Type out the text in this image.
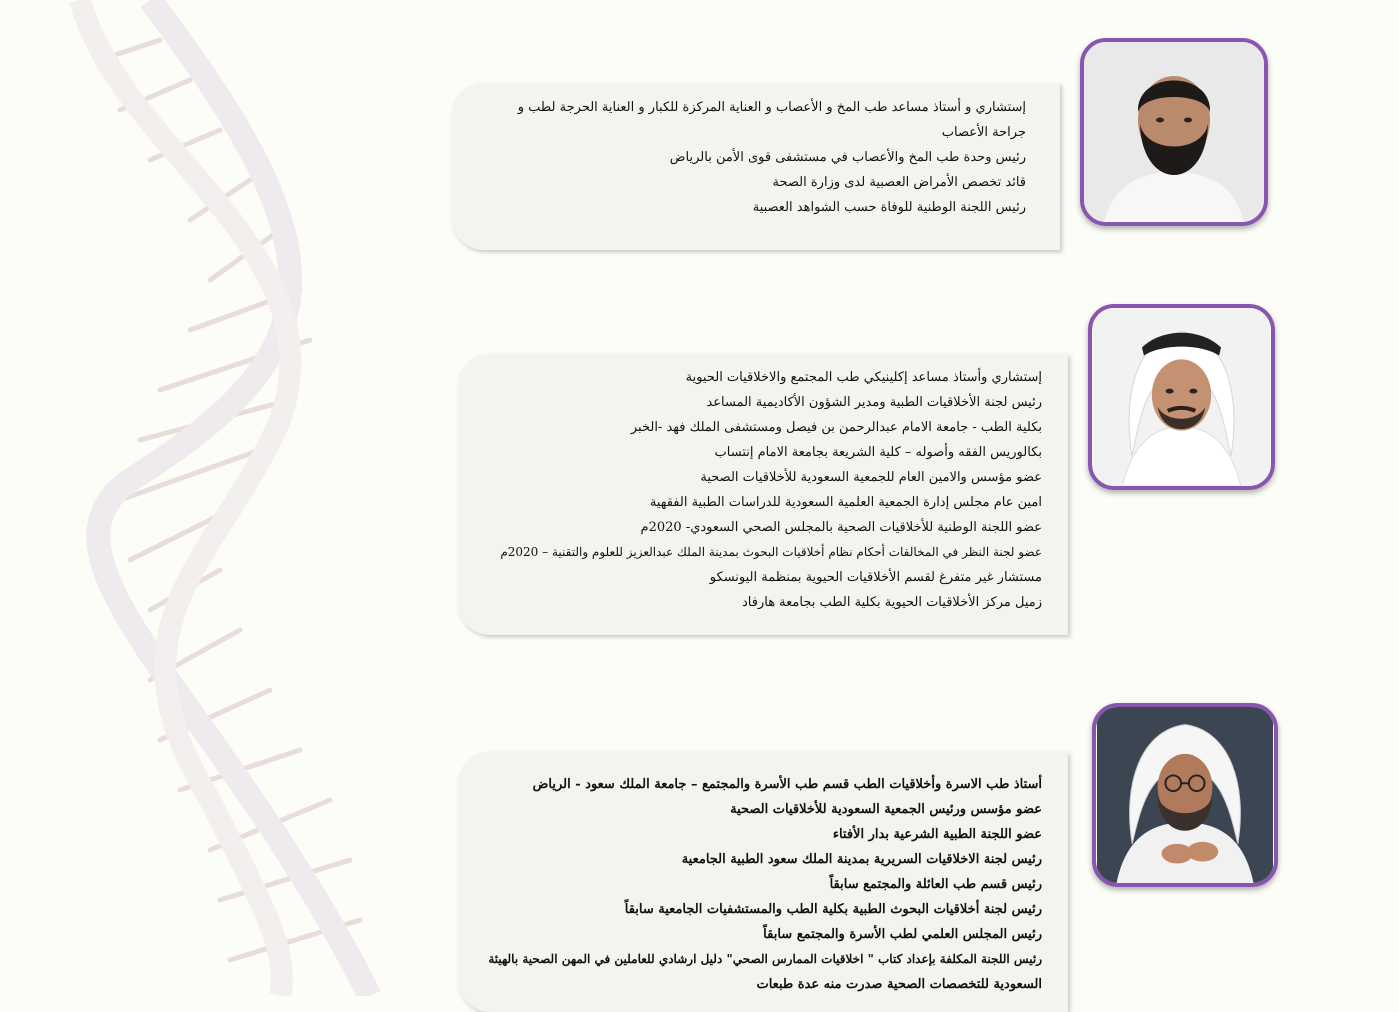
إستشاري و أستاذ مساعد طب المخ و الأعصاب و العناية المركزة للكبار و العناية الحرجة لطب و
جراحة الأعصاب
رئيس وحدة طب المخ والأعصاب في مستشفى قوى الأمن بالرياض
قائد تخصص الأمراض العصبية لدى وزارة الصحة
رئيس اللجنة الوطنية للوفاة حسب الشواهد العصبية
إستشاري وأستاذ مساعد إكلينيكي طب المجتمع والاخلاقيات الحيوية
رئيس لجنة الأخلاقيات الطبية ومدير الشؤون الأكاديمية المساعد
بكلية الطب - جامعة الامام عبدالرحمن بن فيصل ومستشفى الملك فهد -الخبر
بكالوريس الفقه وأصوله – كلية الشريعة بجامعة الامام إنتساب
عضو مؤسس والامين العام للجمعية السعودية للأخلاقيات الصحية
امين عام مجلس إدارة الجمعية العلمية السعودية للدراسات الطبية الفقهية
عضو اللجنة الوطنية للأخلاقيات الصحية بالمجلس الصحي السعودي- 2020م
عضو لجنة النظر في المخالفات أحكام نظام أخلاقيات البحوث بمدينة الملك عبدالعزيز للعلوم والتقنية – 2020م
مستشار غير متفرغ لقسم الأخلاقيات الحيوية بمنظمة اليونسكو
زميل مركز الأخلاقيات الحيوية بكلية الطب بجامعة هارفاد
أستاذ طب الاسرة وأخلاقيات الطب قسم طب الأسرة والمجتمع – جامعة الملك سعود - الرياض
عضو مؤسس ورئيس الجمعية السعودية للأخلاقيات الصحية
عضو اللجنة الطبية الشرعية بدار الأفتاء
رئيس لجنة الاخلاقيات السريرية بمدينة الملك سعود الطبية الجامعية
رئيس قسم طب العائلة والمجتمع سابقاً
رئيس لجنة أخلاقيات البحوث الطبية بكلية الطب والمستشفيات الجامعية سابقاً
رئيس المجلس العلمي لطب الأسرة والمجتمع سابقاً
رئيس اللجنة المكلفة بإعداد كتاب " اخلاقيات الممارس الصحي" دليل ارشادي للعاملين في المهن الصحية بالهيئة
السعودية للتخصصات الصحية صدرت منه عدة طبعات
